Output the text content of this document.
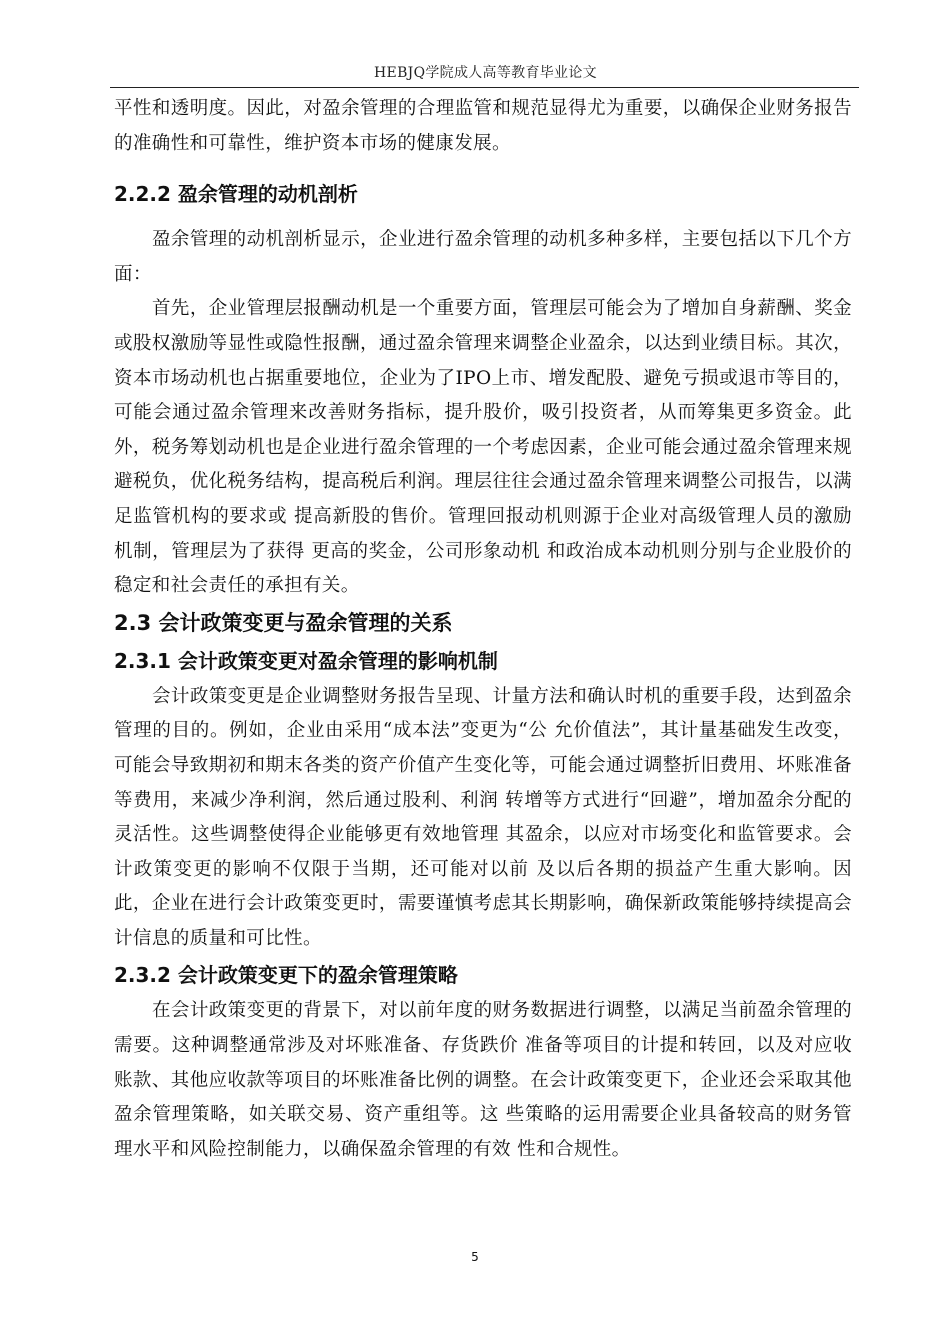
HEBJQ学院成人高等教育毕业论文

平性和透明度。因此，对盈余管理的合理监管和规范显得尤为重要，以确保企业财务报告的准确性和可靠性，维护资本市场的健康发展。

2.2.2 盈余管理的动机剖析

盈余管理的动机剖析显示，企业进行盈余管理的动机多种多样，主要包括以下几个方面：

首先，企业管理层报酬动机是一个重要方面，管理层可能会为了增加自身薪酬、奖金或股权激励等显性或隐性报酬，通过盈余管理来调整企业盈余，以达到业绩目标。其次，资本市场动机也占据重要地位，企业为了IPO上市、增发配股、避免亏损或退市等目的，可能会通过盈余管理来改善财务指标，提升股价，吸引投资者，从而筹集更多资金。此外，税务筹划动机也是企业进行盈余管理的一个考虑因素，企业可能会通过盈余管理来规避税负，优化税务结构，提高税后利润。理层往往会通过盈余管理来调整公司报告，以满足监管机构的要求或 提高新股的售价。管理回报动机则源于企业对高级管理人员的激励机制，管理层为了获得 更高的奖金，公司形象动机 和政治成本动机则分别与企业股价的稳定和社会责任的承担有关。

2.3 会计政策变更与盈余管理的关系
2.3.1 会计政策变更对盈余管理的影响机制

会计政策变更是企业调整财务报告呈现、计量方法和确认时机的重要手段，达到盈余管理的目的。例如，企业由采用“成本法”变更为“公 允价值法”，其计量基础发生改变，可能会导致期初和期末各类的资产价值产生变化等，可能会通过调整折旧费用、坏账准备等费用，来减少净利润，然后通过股利、利润 转增等方式进行“回避”，增加盈余分配的灵活性。这些调整使得企业能够更有效地管理 其盈余，以应对市场变化和监管要求。会计政策变更的影响不仅限于当期，还可能对以前 及以后各期的损益产生重大影响。因此，企业在进行会计政策变更时，需要谨慎考虑其长期影响，确保新政策能够持续提高会计信息的质量和可比性。

2.3.2 会计政策变更下的盈余管理策略

在会计政策变更的背景下，对以前年度的财务数据进行调整，以满足当前盈余管理的需要。这种调整通常涉及对坏账准备、存货跌价 准备等项目的计提和转回，以及对应收账款、其他应收款等项目的坏账准备比例的调整。在会计政策变更下，企业还会采取其他盈余管理策略，如关联交易、资产重组等。这 些策略的运用需要企业具备较高的财务管理水平和风险控制能力，以确保盈余管理的有效 性和合规性。

5
